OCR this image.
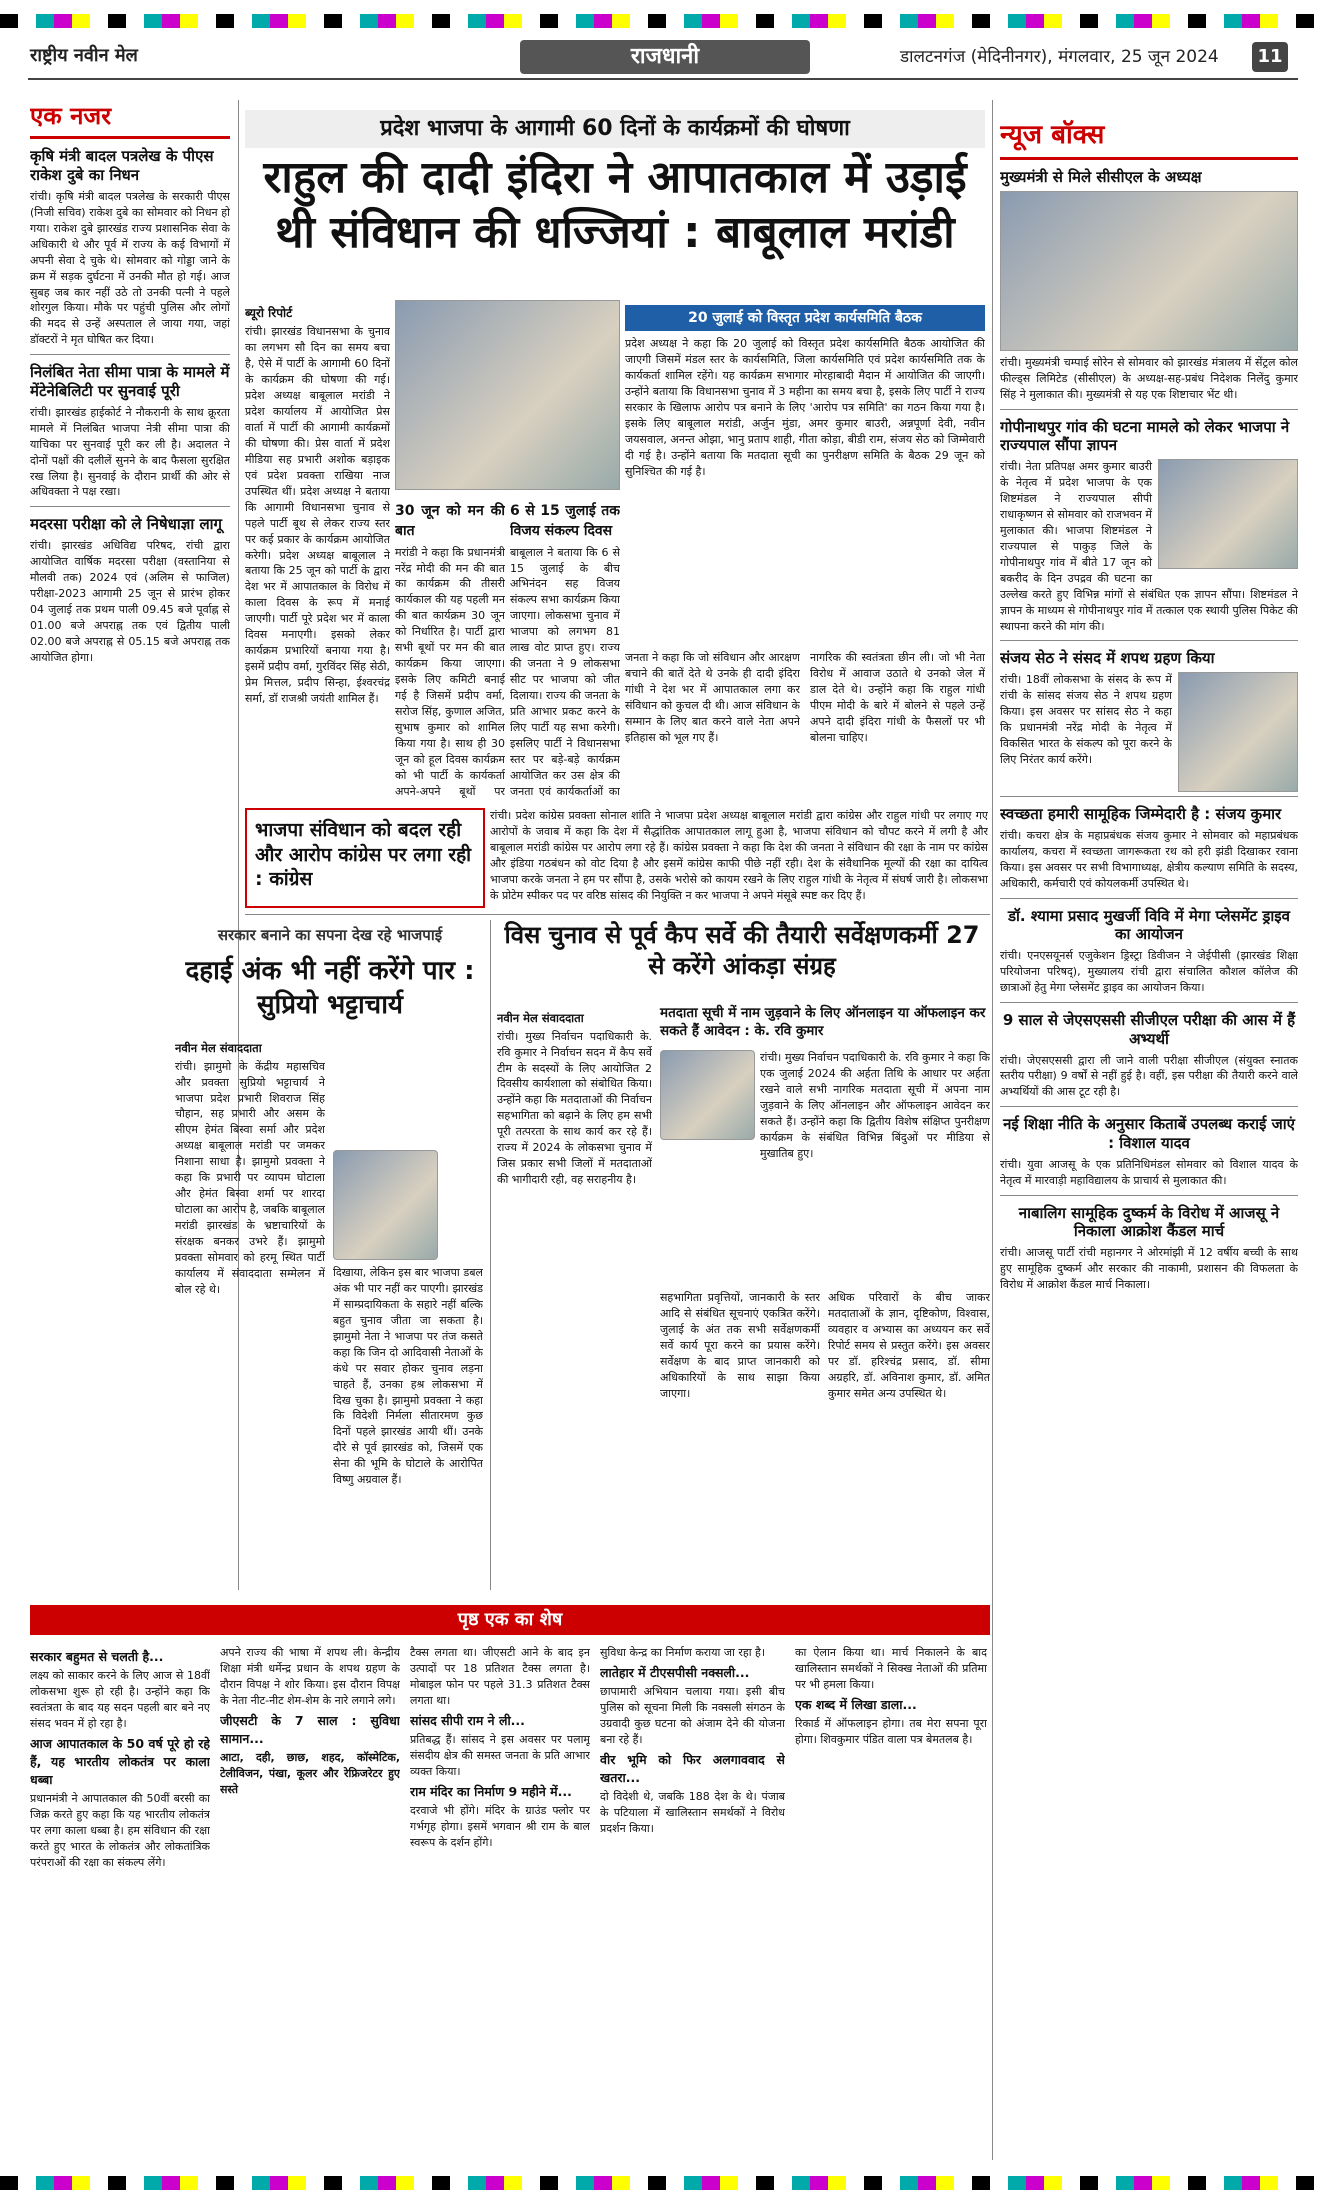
राष्ट्रीय नवीन मेल	राजधानी	डालटनगंज (मेदिनीनगर), मंगलवार, 25 जून 2024	11
एक नजर
कृषि मंत्री बादल पत्रलेख के पीएस राकेश दुबे का निधन
रांची। कृषि मंत्री बादल पत्रलेख के सरकारी पीएस (निजी सचिव) राकेश दुबे का सोमवार को निधन हो गया। राकेश दुबे झारखंड राज्य प्रशासनिक सेवा के अधिकारी थे और पूर्व में राज्य के कई विभागों में अपनी सेवा दे चुके थे। सोमवार को गोड्डा जाने के क्रम में सड़क दुर्घटना में उनकी मौत हो गई। आज सुबह जब कार नहीं उठे तो उनकी पत्नी ने पहले शोरगुल किया। मौके पर पहुंची पुलिस और लोगों की मदद से उन्हें अस्पताल ले जाया गया, जहां डॉक्टरों ने मृत घोषित कर दिया।
निलंबित नेता सीमा पात्रा के मामले में मेंटेनेबिलिटी पर सुनवाई पूरी
रांची। झारखंड हाईकोर्ट ने नौकरानी के साथ क्रूरता मामले में निलंबित भाजपा नेत्री सीमा पात्रा की याचिका पर सुनवाई पूरी कर ली है। अदालत ने दोनों पक्षों की दलीलें सुनने के बाद फैसला सुरक्षित रख लिया है। सुनवाई के दौरान प्रार्थी की ओर से अधिवक्ता ने पक्ष रखा।
मदरसा परीक्षा को ले निषेधाज्ञा लागू
रांची। झारखंड अधिविद्य परिषद, रांची द्वारा आयोजित वार्षिक मदरसा परीक्षा (वस्तानिया से मौलवी तक) 2024 एवं (अलिम से फाजिल) परीक्षा-2023 आगामी 25 जून से प्रारंभ होकर 04 जुलाई तक प्रथम पाली 09.45 बजे पूर्वाह्न से 01.00 बजे अपराह्न तक एवं द्वितीय पाली 02.00 बजे अपराह्न से 05.15 बजे अपराह्न तक आयोजित होगा।
प्रदेश भाजपा के आगामी 60 दिनों के कार्यक्रमों की घोषणा
राहुल की दादी इंदिरा ने आपातकाल में उड़ाई थी संविधान की धज्जियां : बाबूलाल मरांडी
ब्यूरो रिपोर्ट
रांची। झारखंड विधानसभा के चुनाव का लगभग सौ दिन का समय बचा है, ऐसे में पार्टी के आगामी 60 दिनों के कार्यक्रम की घोषणा की गई। प्रदेश अध्यक्ष बाबूलाल मरांडी ने प्रदेश कार्यालय में आयोजित प्रेस वार्ता में पार्टी की आगामी कार्यक्रमों की घोषणा की। प्रेस वार्ता में प्रदेश मीडिया सह प्रभारी अशोक बड़ाइक एवं प्रदेश प्रवक्ता राखिया नाज उपस्थित थीं। प्रदेश अध्यक्ष ने बताया कि आगामी विधानसभा चुनाव से पहले पार्टी बूथ से लेकर राज्य स्तर पर कई प्रकार के कार्यक्रम आयोजित करेगी। प्रदेश अध्यक्ष बाबूलाल ने बताया कि 25 जून को पार्टी के द्वारा देश भर में आपातकाल के विरोध में काला दिवस के रूप में मनाई जाएगी। पार्टी पूरे प्रदेश भर में काला दिवस मनाएगी। इसको लेकर कार्यक्रम प्रभारियों बनाया गया है। इसमें प्रदीप वर्मा, गुरविंदर सिंह सेठी, प्रेम मित्तल, प्रदीप सिन्हा, ईश्वरचंद्र सर्मा, डॉ राजश्री जयंती शामिल हैं।
20 जुलाई को विस्तृत प्रदेश कार्यसमिति बैठक
30 जून को मन की बात
मरांडी ने कहा कि प्रधानमंत्री नरेंद्र मोदी की मन की बात का कार्यक्रम की तीसरी कार्यकाल की यह पहली मन की बात कार्यक्रम 30 जून को निर्धारित है। पार्टी द्वारा सभी बूथों पर मन की बात कार्यक्रम किया जाएगा। इसके लिए कमिटी बनाई गई है जिसमें प्रदीप वर्मा, सरोज सिंह, कुणाल अजित, सुभाष कुमार को शामिल किया गया है। साथ ही 30 जून को हूल दिवस कार्यक्रम को भी पार्टी के कार्यकर्ता अपने-अपने बूथों पर
6 से 15 जुलाई तक विजय संकल्प दिवस
बाबूलाल ने बताया कि 6 से 15 जुलाई के बीच अभिनंदन सह विजय संकल्प सभा कार्यक्रम किया जाएगा। लोकसभा चुनाव में भाजपा को लगभग 81 लाख वोट प्राप्त हुए। राज्य की जनता ने 9 लोकसभा सीट पर भाजपा को जीत दिलाया। राज्य की जनता के प्रति आभार प्रकट करने के लिए पार्टी यह सभा करेगी। इसलिए पार्टी ने विधानसभा स्तर पर बड़े-बड़े कार्यक्रम आयोजित कर उस क्षेत्र की जनता एवं कार्यकर्ताओं का
प्रदेश अध्यक्ष ने कहा कि 20 जुलाई को विस्तृत प्रदेश कार्यसमिति बैठक आयोजित की जाएगी जिसमें मंडल स्तर के कार्यसमिति, जिला कार्यसमिति एवं प्रदेश कार्यसमिति तक के कार्यकर्ता शामिल रहेंगे। यह कार्यक्रम सभागार मोरहाबादी मैदान में आयोजित की जाएगी। उन्होंने बताया कि विधानसभा चुनाव में 3 महीना का समय बचा है, इसके लिए पार्टी ने राज्य सरकार के खिलाफ आरोप पत्र बनाने के लिए 'आरोप पत्र समिति' का गठन किया गया है। इसके लिए बाबूलाल मरांडी, अर्जुन मुंडा, अमर कुमार बाउरी, अन्नपूर्णा देवी, नवीन जयसवाल, अनन्त ओझा, भानु प्रताप शाही, गीता कोड़ा, बीडी राम, संजय सेठ को जिम्मेवारी दी गई है। उन्होंने बताया कि मतदाता सूची का पुनरीक्षण समिति के बैठक 29 जून को सुनिश्चित की गई है।
जनता ने कहा कि जो संविधान और आरक्षण बचाने की बातें देते थे उनके ही दादी इंदिरा गांधी ने देश भर में आपातकाल लगा कर संविधान को कुचल दी थी। आज संविधान के सम्मान के लिए बात करने वाले नेता अपने इतिहास को भूल गए हैं।
नागरिक की स्वतंत्रता छीन ली। जो भी नेता विरोध में आवाज उठाते थे उनको जेल में डाल देते थे। उन्होंने कहा कि राहुल गांधी पीएम मोदी के बारे में बोलने से पहले उन्हें अपने दादी इंदिरा गांधी के फैसलों पर भी बोलना चाहिए।
भाजपा संविधान को बदल रही और आरोप कांग्रेस पर लगा रही : कांग्रेस
रांची। प्रदेश कांग्रेस प्रवक्ता सोनाल शांति ने भाजपा प्रदेश अध्यक्ष बाबूलाल मरांडी द्वारा कांग्रेस और राहुल गांधी पर लगाए गए आरोपों के जवाब में कहा कि देश में सैद्धांतिक आपातकाल लागू हुआ है, भाजपा संविधान को चौपट करने में लगी है और बाबूलाल मरांडी कांग्रेस पर आरोप लगा रहे हैं। कांग्रेस प्रवक्ता ने कहा कि देश की जनता ने संविधान की रक्षा के नाम पर कांग्रेस और इंडिया गठबंधन को वोट दिया है और इसमें कांग्रेस काफी पीछे नहीं रही। देश के संवैधानिक मूल्यों की रक्षा का दायित्व भाजपा करके जनता ने हम पर सौंपा है, उसके भरोसे को कायम रखने के लिए राहुल गांधी के नेतृत्व में संघर्ष जारी है। लोकसभा के प्रोटेम स्पीकर पद पर वरिष्ठ सांसद की नियुक्ति न कर भाजपा ने अपने मंसूबे स्पष्ट कर दिए हैं।
सरकार बनाने का सपना देख रहे भाजपाई
दहाई अंक भी नहीं करेंगे पार : सुप्रियो भट्टाचार्य
नवीन मेल संवाददाता
रांची। झामुमो के केंद्रीय महासचिव और प्रवक्ता सुप्रियो भट्टाचार्य ने भाजपा प्रदेश प्रभारी शिवराज सिंह चौहान, सह प्रभारी और असम के सीएम हेमंत बिस्वा सर्मा और प्रदेश अध्यक्ष बाबूलाल मरांडी पर जमकर निशाना साधा है। झामुमो प्रवक्ता ने कहा कि प्रभारी पर व्यापम घोटाला और हेमंत बिस्वा शर्मा पर शारदा घोटाला का आरोप है, जबकि बाबूलाल मरांडी झारखंड के भ्रष्टाचारियों के संरक्षक बनकर उभरे हैं। झामुमो प्रवक्ता सोमवार को हरमू स्थित पार्टी कार्यालय में संवाददाता सम्मेलन में बोल रहे थे।
दिखाया, लेकिन इस बार भाजपा डबल अंक भी पार नहीं कर पाएगी। झारखंड में साम्प्रदायिकता के सहारे नहीं बल्कि बहुत चुनाव जीता जा सकता है। झामुमो नेता ने भाजपा पर तंज कसते कहा कि जिन दो आदिवासी नेताओं के कंधे पर सवार होकर चुनाव लड़ना चाहते हैं, उनका हश्र लोकसभा में दिख चुका है। झामुमो प्रवक्ता ने कहा कि विदेशी निर्मला सीतारमण कुछ दिनों पहले झारखंड आयी थीं। उनके दौरे से पूर्व झारखंड को, जिसमें एक सेना की भूमि के घोटाले के आरोपित विष्णु अग्रवाल हैं।
विस चुनाव से पूर्व कैप सर्वे की तैयारी सर्वेक्षणकर्मी 27 से करेंगे आंकड़ा संग्रह
नवीन मेल संवाददाता
रांची। मुख्य निर्वाचन पदाधिकारी के. रवि कुमार ने निर्वाचन सदन में कैप सर्वे टीम के सदस्यों के लिए आयोजित 2 दिवसीय कार्यशाला को संबोधित किया। उन्होंने कहा कि मतदाताओं की निर्वाचन सहभागिता को बढ़ाने के लिए हम सभी पूरी तत्परता के साथ कार्य कर रहे हैं। राज्य में 2024 के लोकसभा चुनाव में जिस प्रकार सभी जिलों में मतदाताओं की भागीदारी रही, वह सराहनीय है।
मतदाता सूची में नाम जुड़वाने के लिए ऑनलाइन या ऑफलाइन कर सकते हैं आवेदन : के. रवि कुमार
रांची। मुख्य निर्वाचन पदाधिकारी के. रवि कुमार ने कहा कि एक जुलाई 2024 की अर्हता तिथि के आधार पर अर्हता रखने वाले सभी नागरिक मतदाता सूची में अपना नाम जुड़वाने के लिए ऑनलाइन और ऑफलाइन आवेदन कर सकते हैं। उन्होंने कहा कि द्वितीय विशेष संक्षिप्त पुनरीक्षण कार्यक्रम के संबंधित विभिन्न बिंदुओं पर मीडिया से मुखातिब हुए।
सहभागिता प्रवृत्तियों, जानकारी के स्तर आदि से संबंधित सूचनाएं एकत्रित करेंगे। जुलाई के अंत तक सभी सर्वेक्षणकर्मी सर्वे कार्य पूरा करने का प्रयास करेंगे। सर्वेक्षण के बाद प्राप्त जानकारी को अधिकारियों के साथ साझा किया जाएगा।
अधिक परिवारों के बीच जाकर मतदाताओं के ज्ञान, दृष्टिकोण, विश्वास, व्यवहार व अभ्यास का अध्ययन कर सर्वे रिपोर्ट समय से प्रस्तुत करेंगे। इस अवसर पर डॉ. हरिश्चंद्र प्रसाद, डॉ. सीमा अग्रहरि, डॉ. अविनाश कुमार, डॉ. अमित कुमार समेत अन्य उपस्थित थे।
न्यूज बॉक्स
मुख्यमंत्री से मिले सीसीएल के अध्यक्ष
रांची। मुख्यमंत्री चम्पाई सोरेन से सोमवार को झारखंड मंत्रालय में सेंट्रल कोल फील्ड्स लिमिटेड (सीसीएल) के अध्यक्ष-सह-प्रबंध निदेशक निलेंदु कुमार सिंह ने मुलाकात की। मुख्यमंत्री से यह एक शिष्टाचार भेंट थी।
गोपीनाथपुर गांव की घटना मामले को लेकर भाजपा ने राज्यपाल सौंपा ज्ञापन
रांची। नेता प्रतिपक्ष अमर कुमार बाउरी के नेतृत्व में प्रदेश भाजपा के एक शिष्टमंडल ने राज्यपाल सीपी राधाकृष्णन से सोमवार को राजभवन में मुलाकात की। भाजपा शिष्टमंडल ने राज्यपाल से पाकुड़ जिले के गोपीनाथपुर गांव में बीते 17 जून को बकरीद के दिन उपद्रव की घटना का उल्लेख करते हुए विभिन्न मांगों से संबंधित एक ज्ञापन सौंपा। शिष्टमंडल ने ज्ञापन के माध्यम से गोपीनाथपुर गांव में तत्काल एक स्थायी पुलिस पिकेट की स्थापना करने की मांग की।
संजय सेठ ने संसद में शपथ ग्रहण किया
रांची। 18वीं लोकसभा के संसद के रूप में रांची के सांसद संजय सेठ ने शपथ ग्रहण किया। इस अवसर पर सांसद सेठ ने कहा कि प्रधानमंत्री नरेंद्र मोदी के नेतृत्व में विकसित भारत के संकल्प को पूरा करने के लिए निरंतर कार्य करेंगे।
स्वच्छता हमारी सामूहिक जिम्मेदारी है : संजय कुमार
रांची। कचरा क्षेत्र के महाप्रबंधक संजय कुमार ने सोमवार को महाप्रबंधक कार्यालय, कचरा में स्वच्छता जागरूकता रथ को हरी झंडी दिखाकर रवाना किया। इस अवसर पर सभी विभागाध्यक्ष, क्षेत्रीय कल्याण समिति के सदस्य, अधिकारी, कर्मचारी एवं कोयलकर्मी उपस्थित थे।
डॉ. श्यामा प्रसाद मुखर्जी विवि में मेगा प्लेसमेंट ड्राइव का आयोजन
रांची। एनएसयूनर्स एजुकेशन ड्रिस्ट्रा डिवीजन ने जेईपीसी (झारखंड शिक्षा परियोजना परिषद्), मुख्यालय रांची द्वारा संचालित कौशल कॉलेज की छात्राओं हेतु मेगा प्लेसमेंट ड्राइव का आयोजन किया।
9 साल से जेएसएससी सीजीएल परीक्षा की आस में हैं अभ्यर्थी
रांची। जेएसएससी द्वारा ली जाने वाली परीक्षा सीजीएल (संयुक्त स्नातक स्तरीय परीक्षा) 9 वर्षों से नहीं हुई है। वहीं, इस परीक्षा की तैयारी करने वाले अभ्यर्थियों की आस टूट रही है।
नई शिक्षा नीति के अनुसार किताबें उपलब्ध कराई जाएं : विशाल यादव
रांची। युवा आजसू के एक प्रतिनिधिमंडल सोमवार को विशाल यादव के नेतृत्व में मारवाड़ी महाविद्यालय के प्राचार्य से मुलाकात की।
नाबालिग सामूहिक दुष्कर्म के विरोध में आजसू ने निकाला आक्रोश कैंडल मार्च
रांची। आजसू पार्टी रांची महानगर ने ओरमांझी में 12 वर्षीय बच्ची के साथ हुए सामूहिक दुष्कर्म और सरकार की नाकामी, प्रशासन की विफलता के विरोध में आक्रोश कैंडल मार्च निकाला।
पृष्ठ एक का शेष
सरकार बहुमत से चलती है...
लक्ष्य को साकार करने के लिए आज से 18वीं लोकसभा शुरू हो रही है। उन्होंने कहा कि स्वतंत्रता के बाद यह सदन पहली बार बने नए संसद भवन में हो रहा है।
आज आपातकाल के 50 वर्ष पूरे हो रहे हैं, यह भारतीय लोकतंत्र पर काला धब्बा
प्रधानमंत्री ने आपातकाल की 50वीं बरसी का जिक्र करते हुए कहा कि यह भारतीय लोकतंत्र पर लगा काला धब्बा है। हम संविधान की रक्षा करते हुए भारत के लोकतंत्र और लोकतांत्रिक परंपराओं की रक्षा का संकल्प लेंगे।
अपने राज्य की भाषा में शपथ ली। केन्द्रीय शिक्षा मंत्री धर्मेन्द्र प्रधान के शपथ ग्रहण के दौरान विपक्ष ने शोर किया। इस दौरान विपक्ष के नेता नीट-नीट शेम-शेम के नारे लगाने लगे।
जीएसटी के 7 साल : सुविधा सामान...
आटा, दही, छाछ, शहद, कॉस्मेटिक, टेलीविजन, पंखा, कूलर और रेफ्रिजरेटर हुए सस्ते
टैक्स लगता था। जीएसटी आने के बाद इन उत्पादों पर 18 प्रतिशत टैक्स लगता है। मोबाइल फोन पर पहले 31.3 प्रतिशत टैक्स लगता था।
सांसद सीपी राम ने ली...
प्रतिबद्ध हैं। सांसद ने इस अवसर पर पलामू संसदीय क्षेत्र की समस्त जनता के प्रति आभार व्यक्त किया।
राम मंदिर का निर्माण 9 महीने में...
दरवाजे भी होंगे। मंदिर के ग्राउंड फ्लोर पर गर्भगृह होगा। इसमें भगवान श्री राम के बाल स्वरूप के दर्शन होंगे।
सुविधा केन्द्र का निर्माण कराया जा रहा है।
लातेहार में टीएसपीसी नक्सली...
छापामारी अभियान चलाया गया। इसी बीच पुलिस को सूचना मिली कि नक्सली संगठन के उग्रवादी कुछ घटना को अंजाम देने की योजना बना रहे हैं।
वीर भूमि को फिर अलगाववाद से खतरा...
दो विदेशी थे, जबकि 188 देश के थे। पंजाब के पटियाला में खालिस्तान समर्थकों ने विरोध प्रदर्शन किया।
का ऐलान किया था। मार्च निकालने के बाद खालिस्तान समर्थकों ने सिक्ख नेताओं की प्रतिमा पर भी हमला किया।
एक शब्द में लिखा डाला...
रिकार्ड में ऑफलाइन होगा। तब मेरा सपना पूरा होगा। शिवकुमार पंडित वाला पत्र बेमतलब है।
